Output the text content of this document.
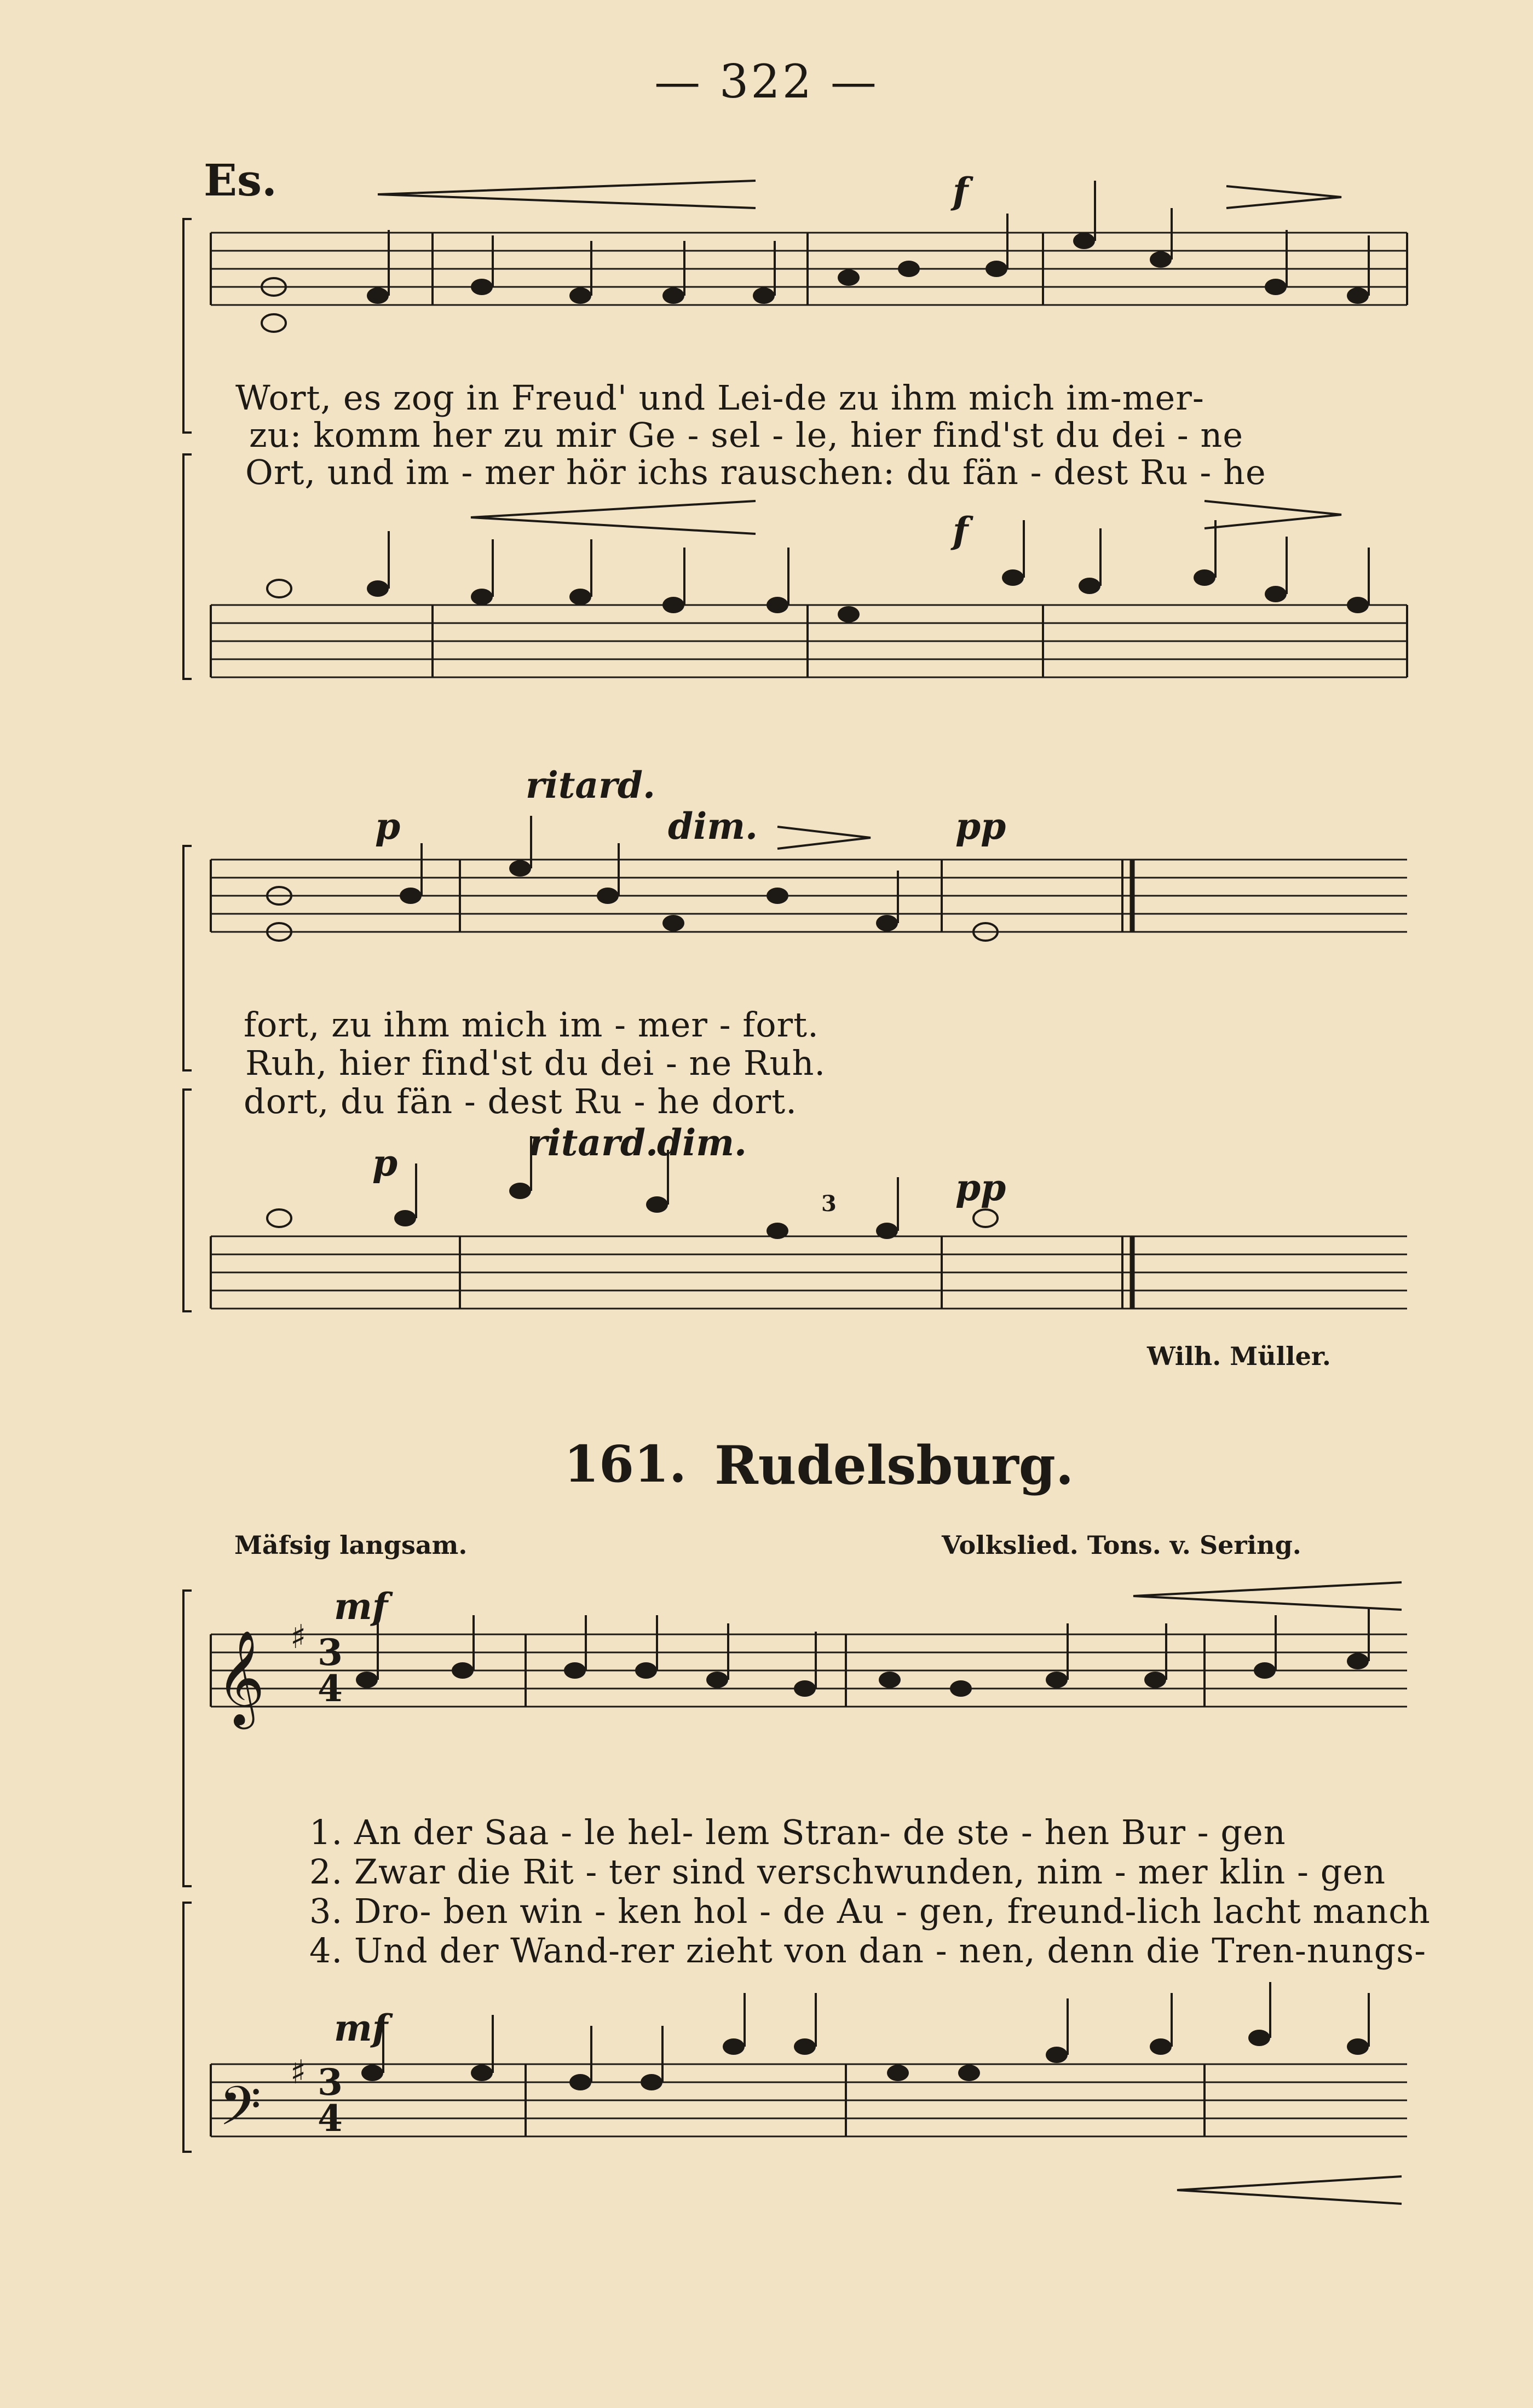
— 322 —
Es.
𝄞
𝄢
♯
♯
f
f
Wort, es zog in Freud' und Lei-de zu ihm mich im-mer-
zu: komm her zu mir Ge - sel - le, hier find'st du dei - ne
Ort, und im - mer hör ichs rauschen: du fän - dest Ru - he
ritard.
p	dim.	pp
fort, zu ihm mich im - mer - fort.
Ruh, hier find'st du dei - ne Ruh.
dort, du fän - dest Ru - he dort.
p	ritard.
dim.
pp
3
Wilh. Müller.
161. Rudelsburg.
Mäfsig langsam.	Volkslied. Tons. v. Sering.
3
4
3
4
mf
mf
1. An der Saa - le hel- lem Stran- de ste - hen Bur - gen
2. Zwar die Rit - ter sind verschwunden, nim - mer klin - gen
3. Dro- ben win - ken hol - de Au - gen, freund-lich lacht manch
4. Und der Wand-rer zieht von dan - nen, denn die Tren-nungs-
